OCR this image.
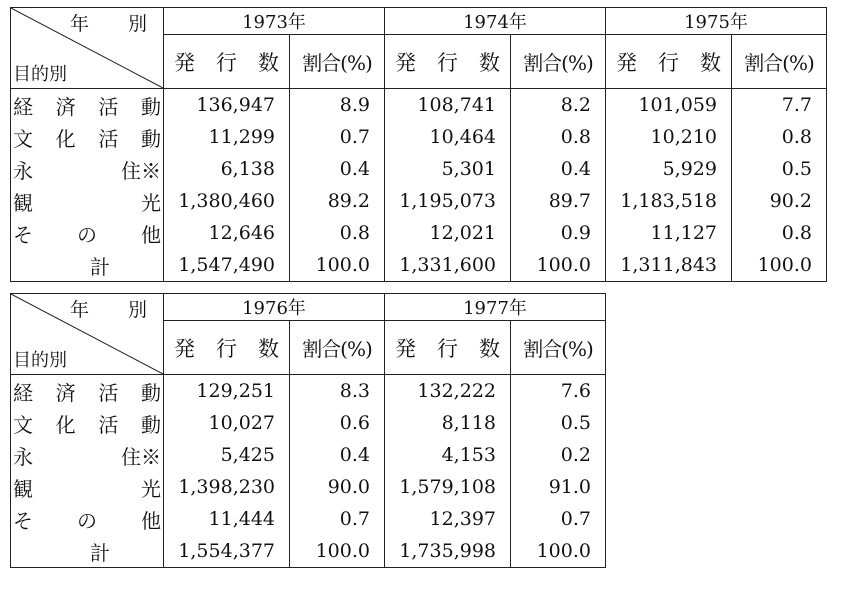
年　別
目的別	1973年		1974年		1975年	
	発　行　数	割合(%)	発　行　数	割合(%)	発　行　数	割合(%)

経 済 活 動	136,947	8.9	108,741	8.2	101,059	7.7

文 化 活 動	11,299	0.7	10,464	0.8	10,210	0.8

永 住※	6,138	0.4	5,301	0.4	5,929	0.5

観 光	1,380,460	89.2	1,195,073	89.7	1,183,518	90.2

そ の 他	12,646	0.8	12,021	0.9	11,127	0.8

計	1,547,490	100.0	1,331,600	100.0	1,311,843	100.0
年　別
目的別	1976年		1977年	
	発　行　数	割合(%)	発　行　数	割合(%)

経 済 活 動	129,251	8.3	132,222	7.6

文 化 活 動	10,027	0.6	8,118	0.5

永 住※	5,425	0.4	4,153	0.2

観 光	1,398,230	90.0	1,579,108	91.0

そ の 他	11,444	0.7	12,397	0.7

計	1,554,377	100.0	1,735,998	100.0
